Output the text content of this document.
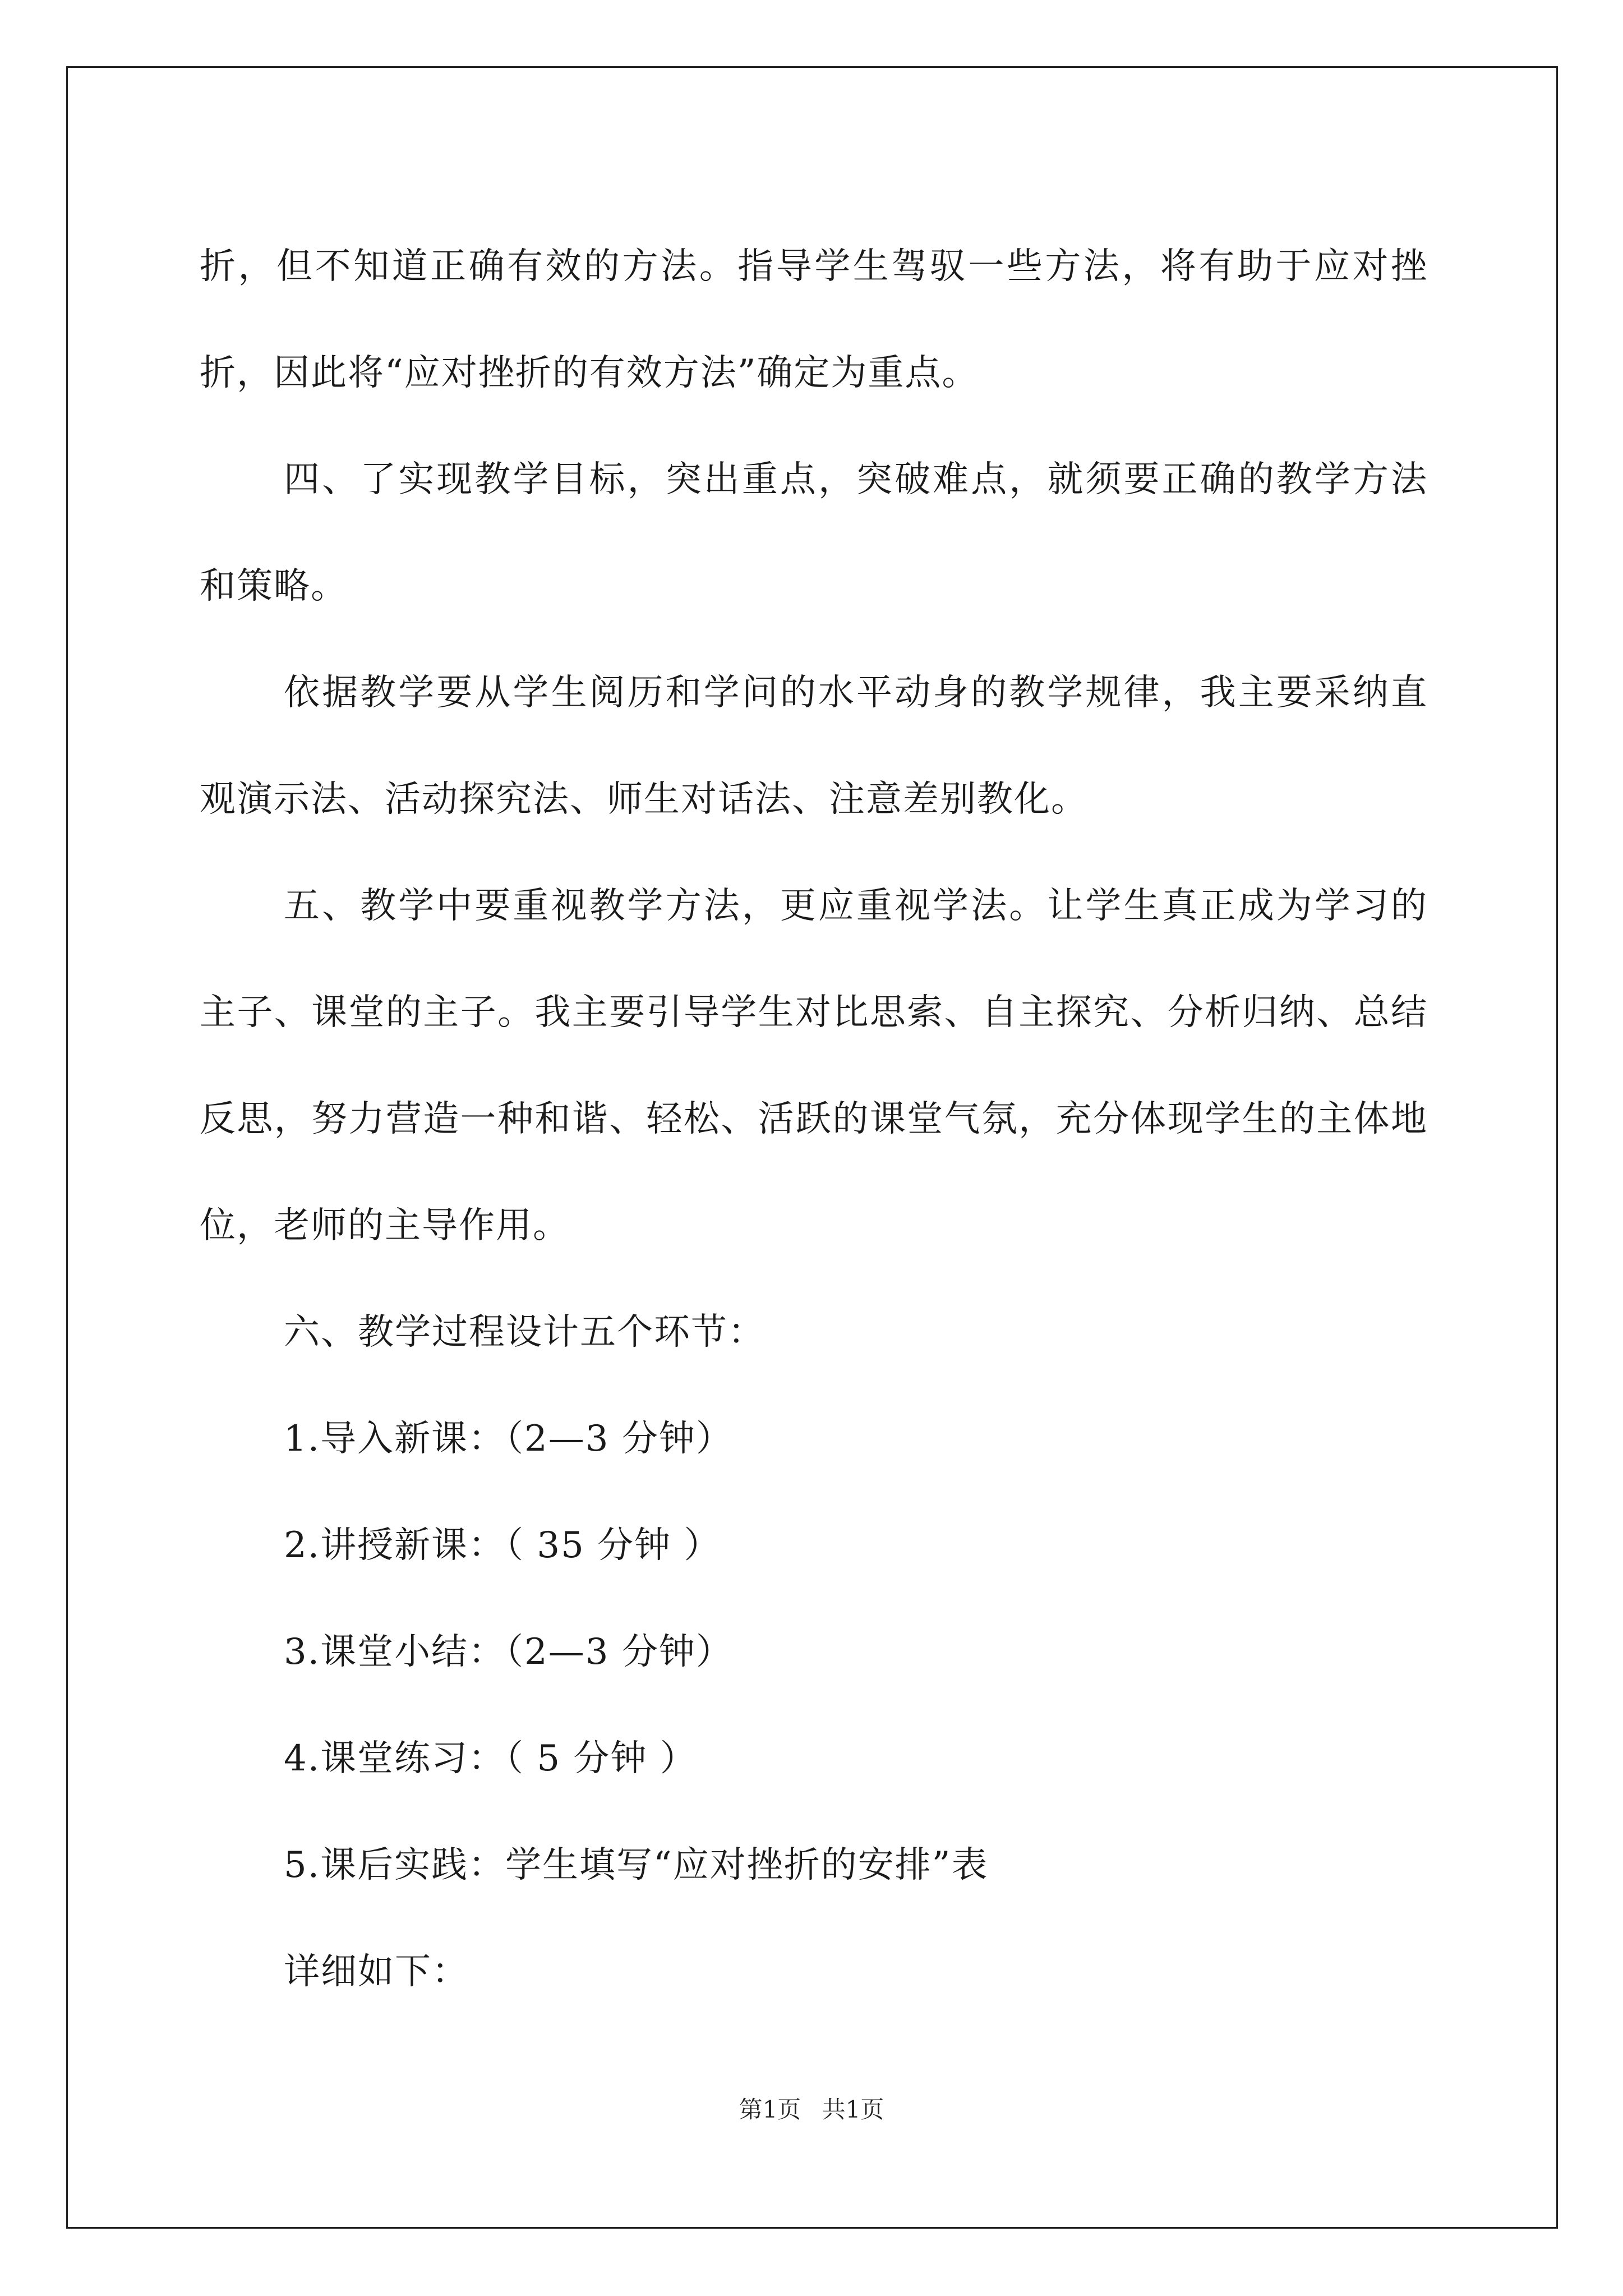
折，但不知道正确有效的方法。指导学生驾驭一些方法，将有助于应对挫折，因此将“应对挫折的有效方法”确定为重点。

四、了实现教学目标，突出重点，突破难点，就须要正确的教学方法和策略。

依据教学要从学生阅历和学问的水平动身的教学规律，我主要采纳直观演示法、活动探究法、师生对话法、注意差别教化。

五、教学中要重视教学方法，更应重视学法。让学生真正成为学习的主子、课堂的主子。我主要引导学生对比思索、自主探究、分析归纳、总结反思，努力营造一种和谐、轻松、活跃的课堂气氛，充分体现学生的主体地位，老师的主导作用。

六、教学过程设计五个环节：

1.导入新课：（2—3 分钟）

2.讲授新课：（ 35 分钟 ）

3.课堂小结：（2—3 分钟）

4.课堂练习：（ 5 分钟 ）

5.课后实践：学生填写“应对挫折的安排”表

详细如下：

第1页 共1页
